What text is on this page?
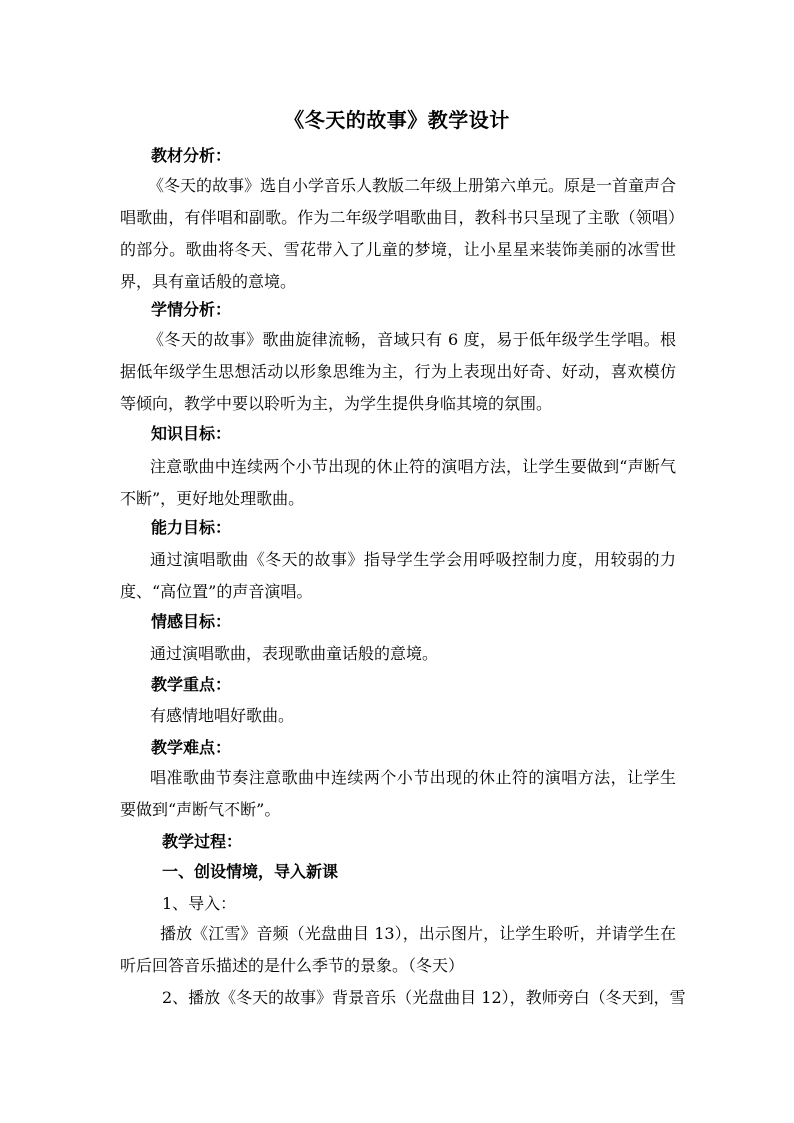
《冬天的故事》教学设计
教材分析：
《冬天的故事》选自小学音乐人教版二年级上册第六单元。原是一首童声合唱歌曲，有伴唱和副歌。作为二年级学唱歌曲目，教科书只呈现了主歌（领唱）的部分。歌曲将冬天、雪花带入了儿童的梦境，让小星星来装饰美丽的冰雪世界，具有童话般的意境。
学情分析：
《冬天的故事》歌曲旋律流畅，音域只有 6 度，易于低年级学生学唱。根据低年级学生思想活动以形象思维为主，行为上表现出好奇、好动，喜欢模仿等倾向，教学中要以聆听为主，为学生提供身临其境的氛围。
知识目标：
注意歌曲中连续两个小节出现的休止符的演唱方法，让学生要做到“声断气不断”，更好地处理歌曲。
能力目标：
通过演唱歌曲《冬天的故事》指导学生学会用呼吸控制力度，用较弱的力度、“高位置”的声音演唱。
情感目标：
通过演唱歌曲，表现歌曲童话般的意境。
教学重点：
有感情地唱好歌曲。
教学难点：
唱准歌曲节奏注意歌曲中连续两个小节出现的休止符的演唱方法，让学生要做到“声断气不断”。
教学过程：
一、创设情境，导入新课
1、导入：
播放《江雪》音频（光盘曲目 13），出示图片，让学生聆听，并请学生在听后回答音乐描述的是什么季节的景象。（冬天）
2、播放《冬天的故事》背景音乐（光盘曲目 12），教师旁白（冬天到，雪
